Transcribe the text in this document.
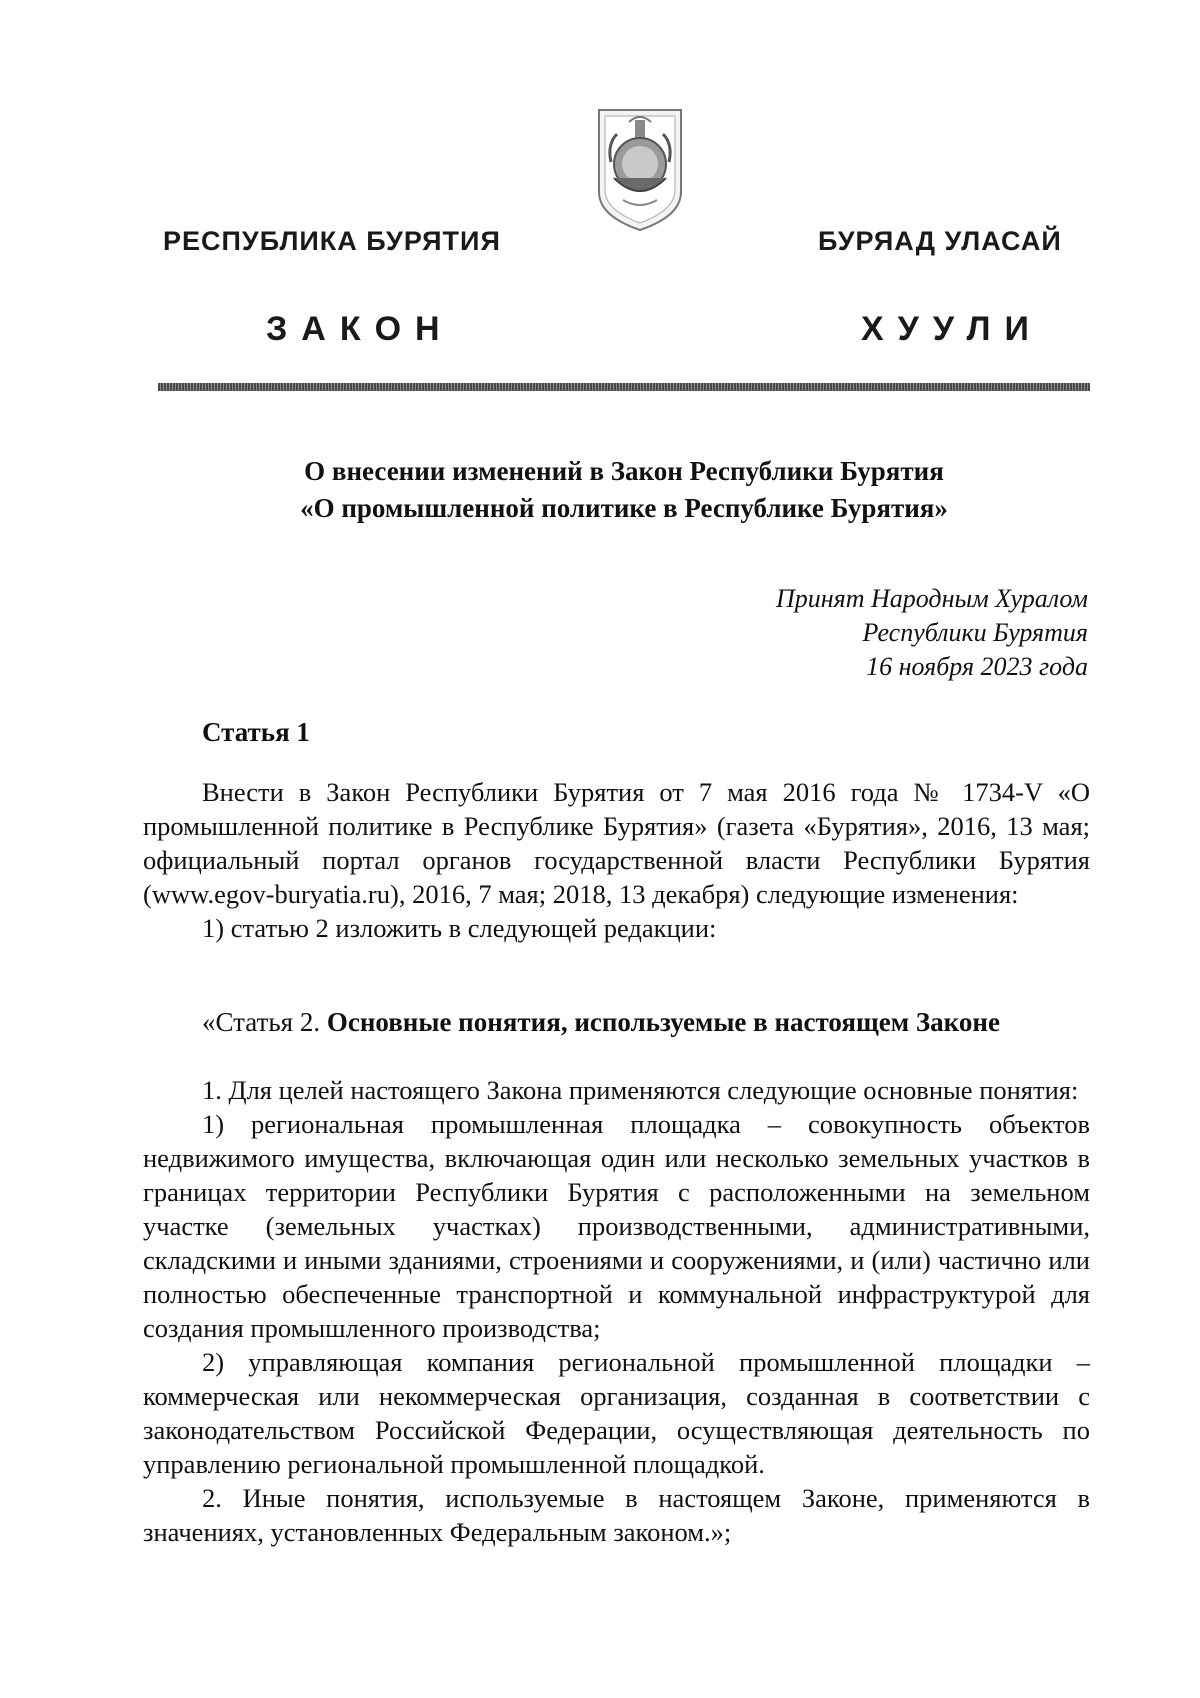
РЕСПУБЛИКА БУРЯТИЯ	БУРЯАД УЛАСАЙ
ЗАКОН	ХУУЛИ
О внесении изменений в Закон Республики Бурятия
«О промышленной политике в Республике Бурятия»
Принят Народным Хуралом
Республики Бурятия
16 ноября 2023 года
Статья 1

Внести в Закон Республики Бурятия от 7 мая 2016 года № 1734-V «О промышленной политике в Республике Бурятия» (газета «Бурятия», 2016, 13 мая; официальный портал органов государственной власти Республики Бурятия (www.egov-buryatia.ru), 2016, 7 мая; 2018, 13 декабря) следующие изменения:

1) статью 2 изложить в следующей редакции:

«Статья 2. Основные понятия, используемые в настоящем Законе

1. Для целей настоящего Закона применяются следующие основные понятия:

1) региональная промышленная площадка – совокупность объектов недвижимого имущества, включающая один или несколько земельных участков в границах территории Республики Бурятия с расположенными на земельном участке (земельных участках) производственными, административными, складскими и иными зданиями, строениями и сооружениями, и (или) частично или полностью обеспеченные транспортной и коммунальной инфраструктурой для создания промышленного производства;

2) управляющая компания региональной промышленной площадки – коммерческая или некоммерческая организация, созданная в соответствии с законодательством Российской Федерации, осуществляющая деятельность по управлению региональной промышленной площадкой.

2. Иные понятия, используемые в настоящем Законе, применяются в значениях, установленных Федеральным законом.»;
